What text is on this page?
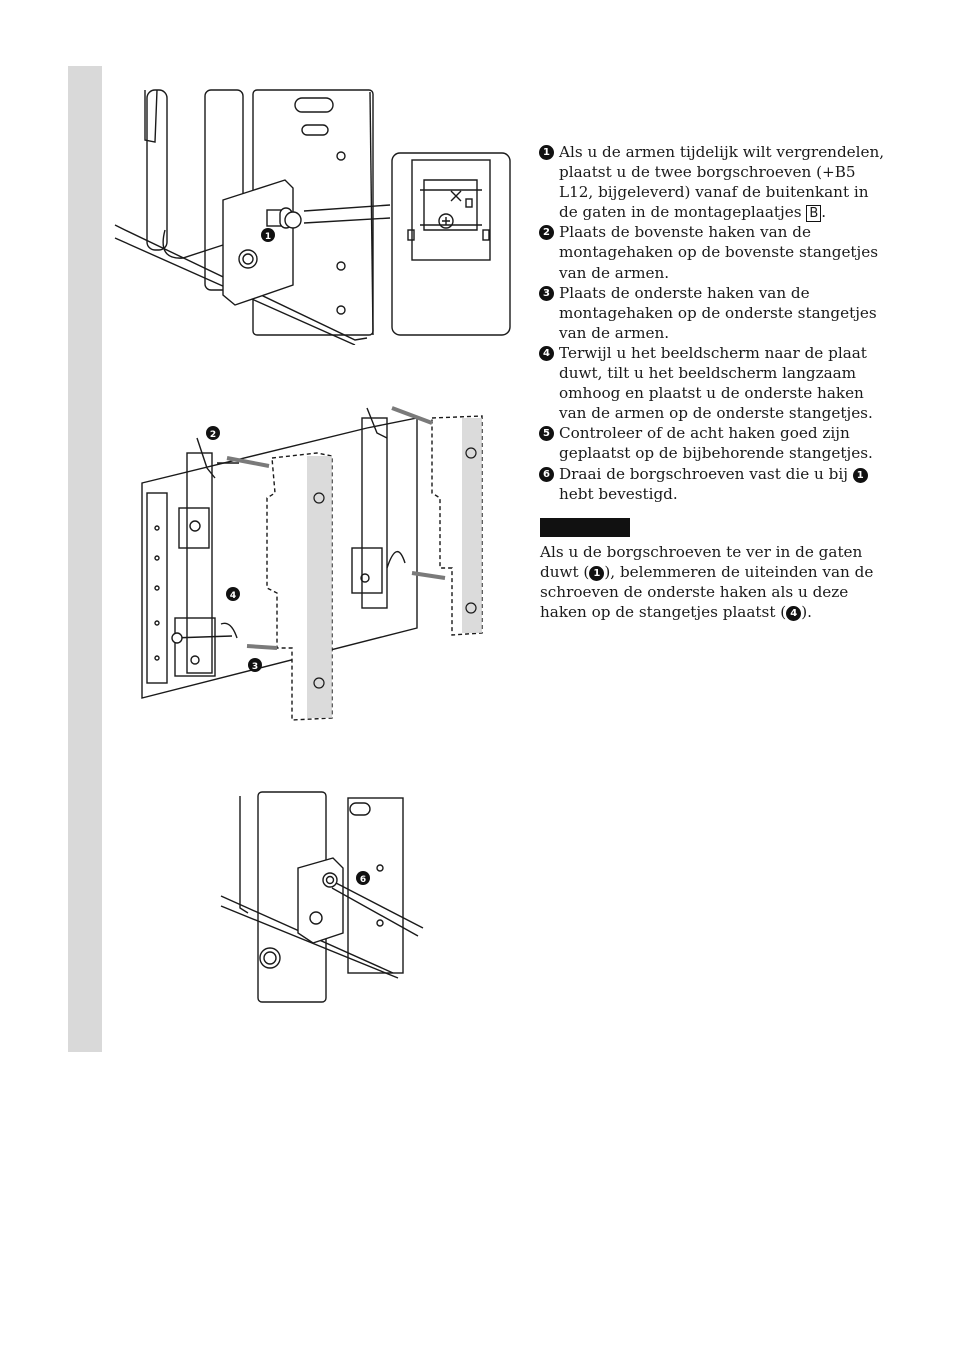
1
2
4
3
6
1 Als u de armen tijdelijk wilt vergrendelen, plaatst u de twee borgschroeven (+B5 L12, bijgeleverd) vanaf de buitenkant in de gaten in de montageplaatjes B .
2 Plaats de bovenste haken van de montagehaken op de bovenste stangetjes van de armen.
3 Plaats de onderste haken van de montagehaken op de onderste stangetjes van de armen.
4 Terwijl u het beeldscherm naar de plaat duwt, tilt u het beeldscherm langzaam omhoog en plaatst u de onderste haken van de armen op de onderste stangetjes.
5 Controleer of de acht haken goed zijn geplaatst op de bijbehorende stangetjes.
6 Draai de borgschroeven vast die u bij 1 hebt bevestigd.

Als u de borgschroeven te ver in de gaten duwt ( 1 ), belemmeren de uiteinden van de schroeven de onderste haken als u deze haken op de stangetjes plaatst ( 4 ).
